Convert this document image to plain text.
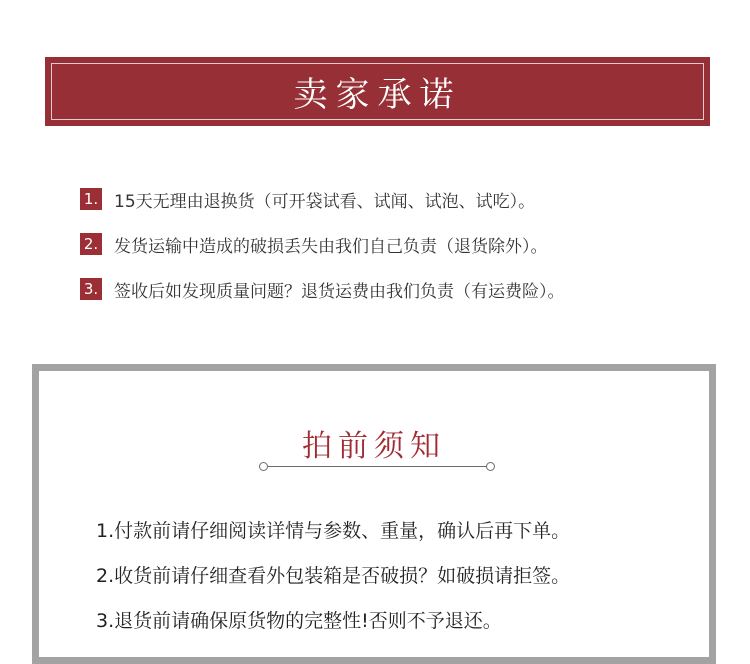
卖家承诺
1. 15天无理由退换货（可开袋试看、试闻、试泡、试吃）。
2. 发货运输中造成的破损丢失由我们自己负责（退货除外）。
3. 签收后如发现质量问题？退货运费由我们负责（有运费险）。
拍前须知
1.付款前请仔细阅读详情与参数、重量，确认后再下单。
2.收货前请仔细查看外包装箱是否破损？如破损请拒签。
3.退货前请确保原货物的完整性!否则不予退还。
